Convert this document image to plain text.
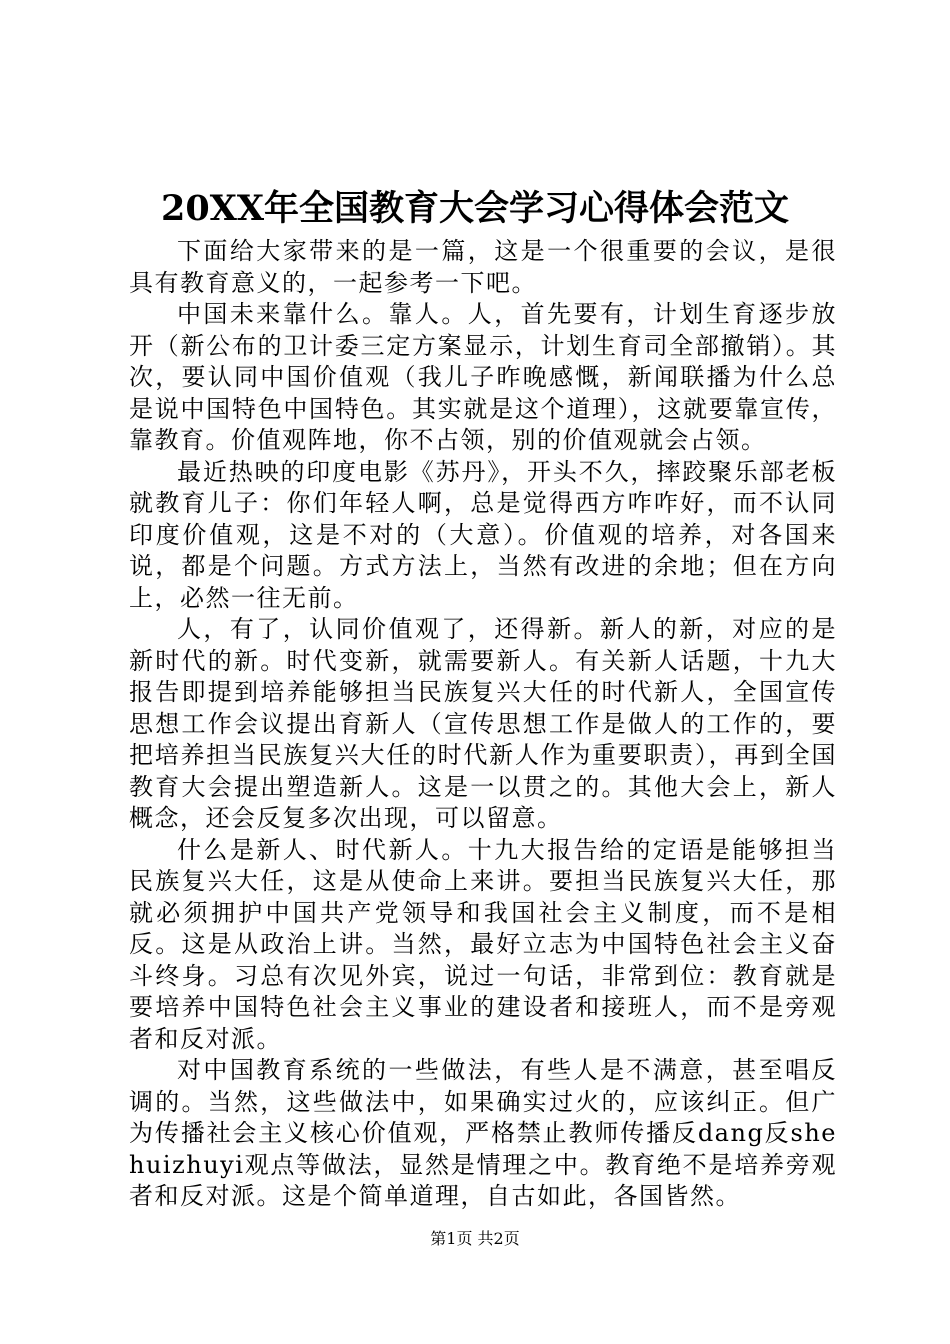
20XX年全国教育大会学习心得体会范文

下面给大家带来的是一篇，这是一个很重要的会议，是很具有教育意义的，一起参考一下吧。

中国未来靠什么。靠人。人，首先要有，计划生育逐步放开（新公布的卫计委三定方案显示，计划生育司全部撤销）。其次，要认同中国价值观（我儿子昨晚感慨，新闻联播为什么总是说中国特色中国特色。其实就是这个道理），这就要靠宣传，靠教育。价值观阵地，你不占领，别的价值观就会占领。

最近热映的印度电影《苏丹》，开头不久，摔跤聚乐部老板就教育儿子：你们年轻人啊，总是觉得西方咋咋好，而不认同印度价值观，这是不对的（大意）。价值观的培养，对各国来说，都是个问题。方式方法上，当然有改进的余地；但在方向上，必然一往无前。

人，有了，认同价值观了，还得新。新人的新，对应的是新时代的新。时代变新，就需要新人。有关新人话题，十九大报告即提到培养能够担当民族复兴大任的时代新人，全国宣传思想工作会议提出育新人（宣传思想工作是做人的工作的，要把培养担当民族复兴大任的时代新人作为重要职责），再到全国教育大会提出塑造新人。这是一以贯之的。其他大会上，新人概念，还会反复多次出现，可以留意。

什么是新人、时代新人。十九大报告给的定语是能够担当民族复兴大任，这是从使命上来讲。要担当民族复兴大任，那就必须拥护中国共产党领导和我国社会主义制度，而不是相反。这是从政治上讲。当然，最好立志为中国特色社会主义奋斗终身。习总有次见外宾，说过一句话，非常到位：教育就是要培养中国特色社会主义事业的建设者和接班人，而不是旁观者和反对派。

对中国教育系统的一些做法，有些人是不满意，甚至唱反调的。当然，这些做法中，如果确实过火的，应该纠正。但广为传播社会主义核心价值观，严格禁止教师传播反dang反shehuizhuyi观点等做法，显然是情理之中。教育绝不是培养旁观者和反对派。这是个简单道理，自古如此，各国皆然。

第1页 共2页
